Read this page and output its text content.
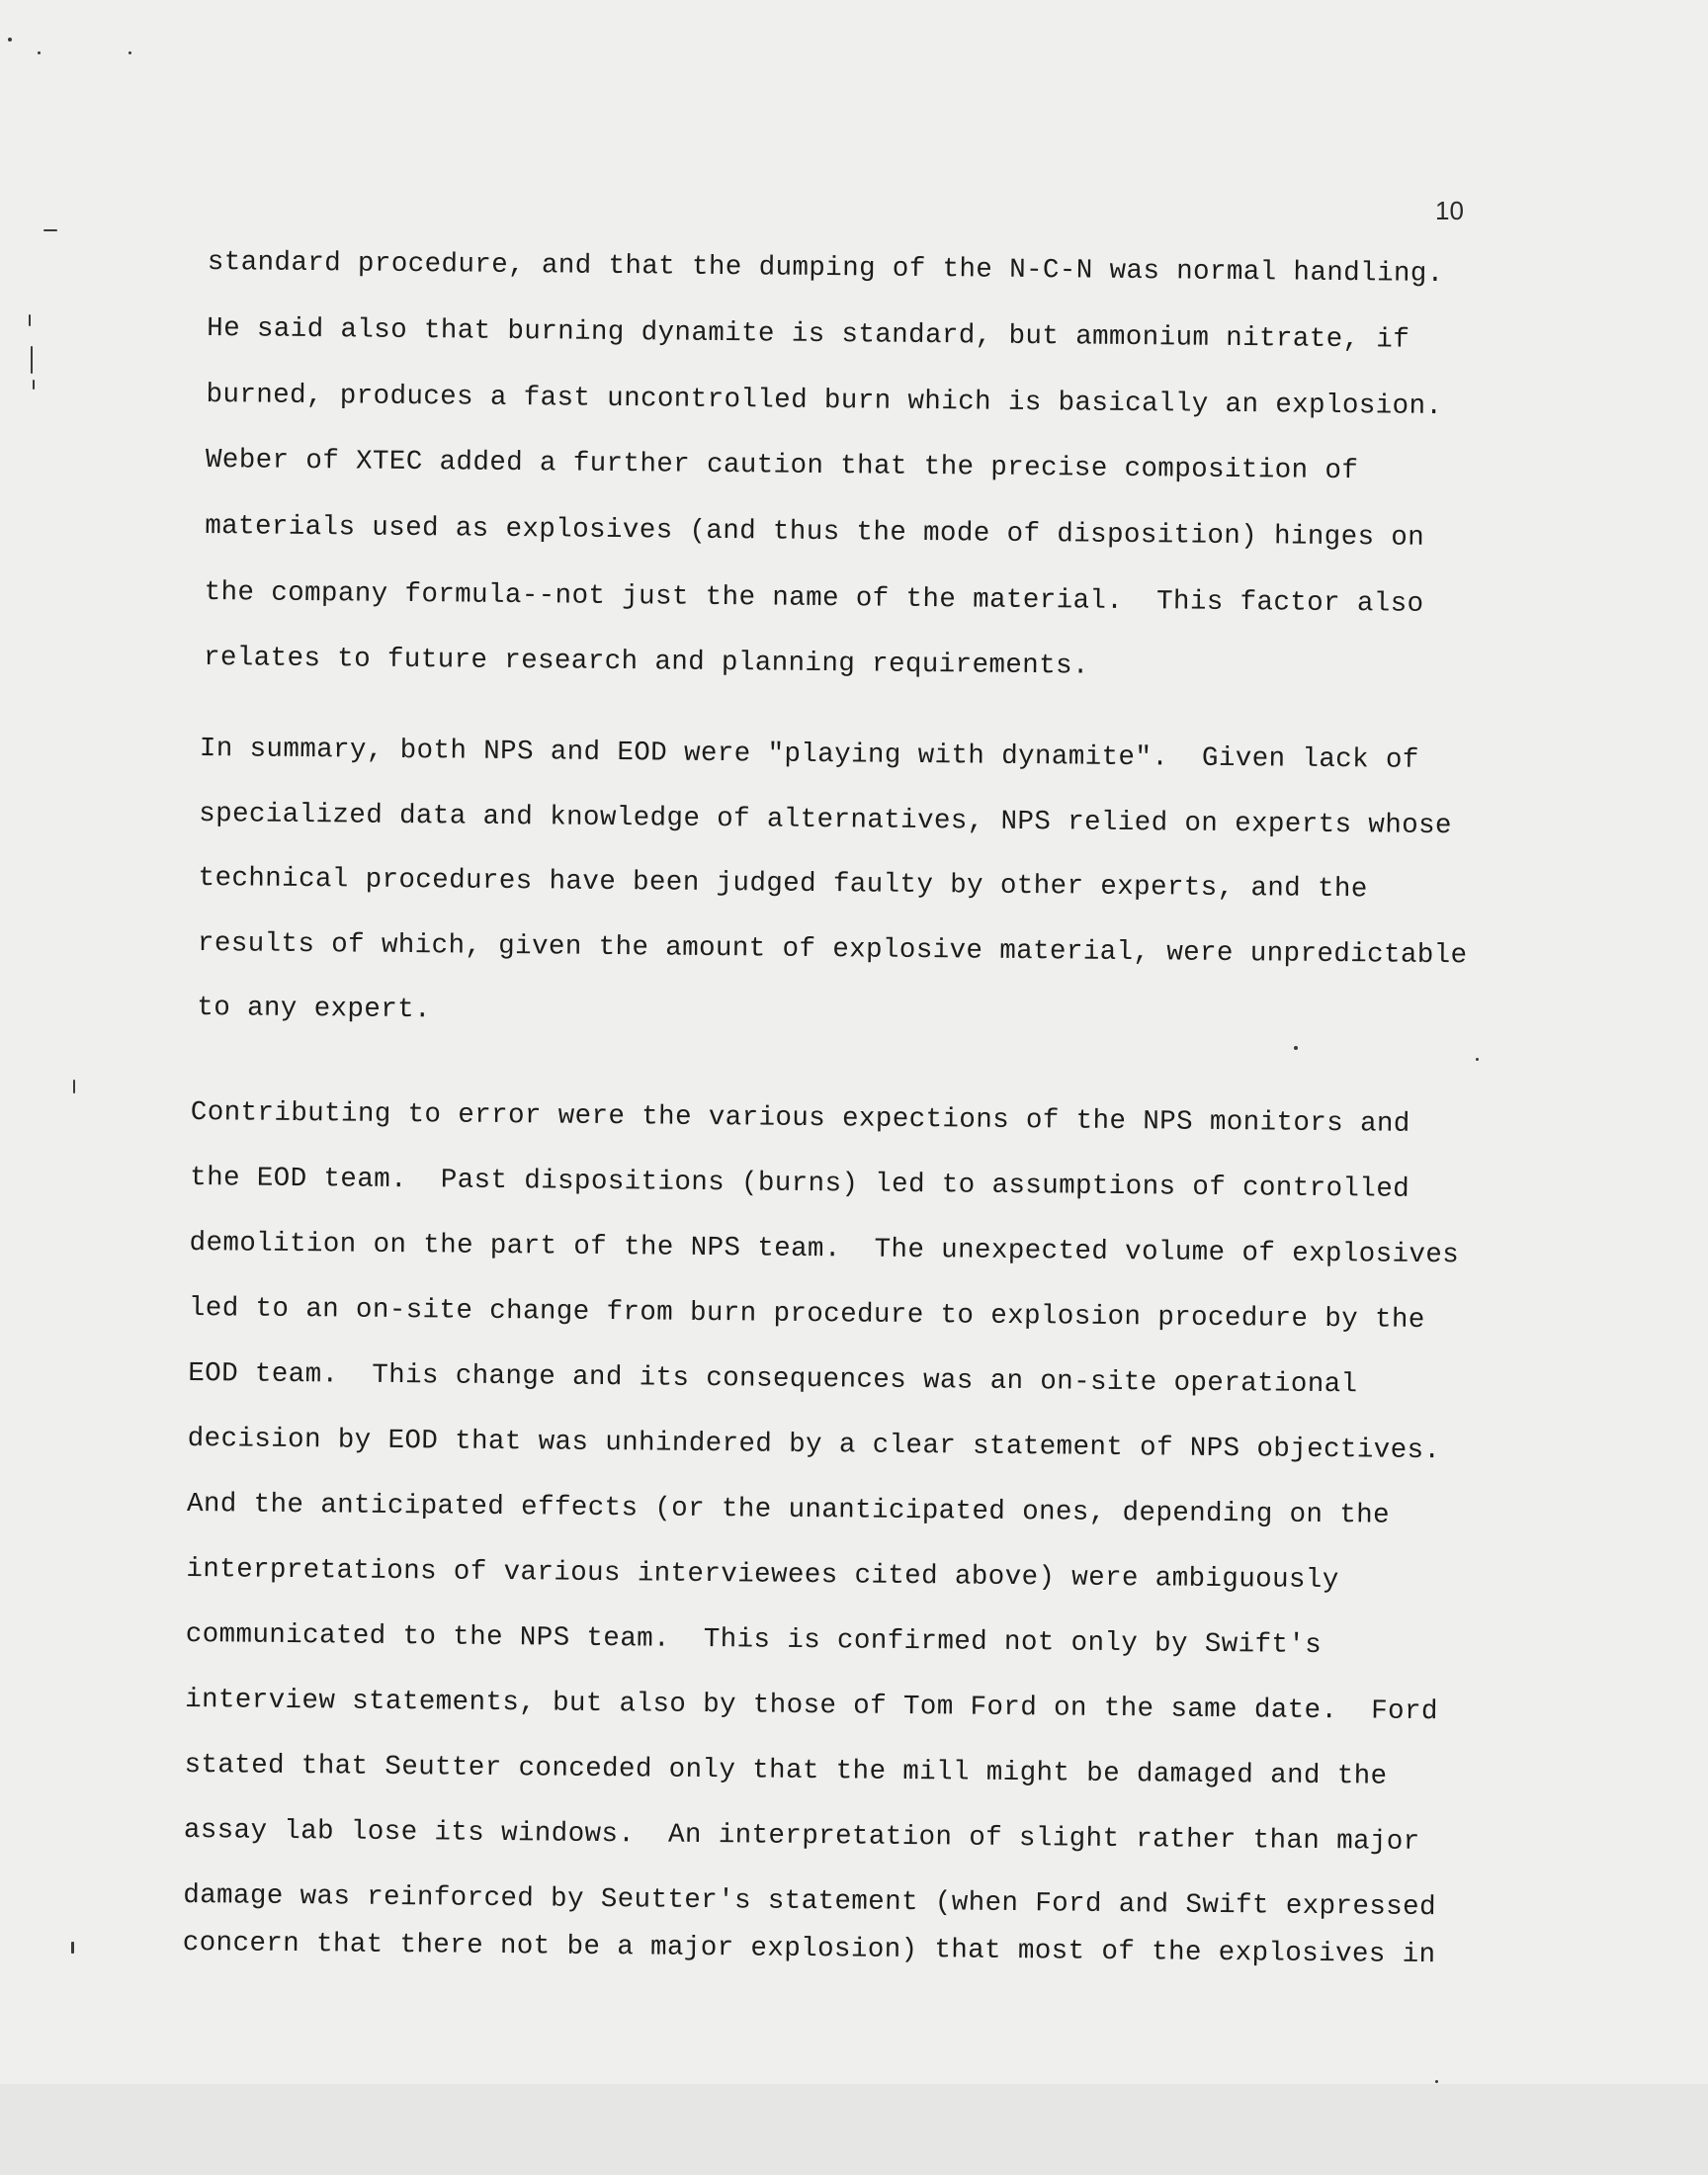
10
standard procedure, and that the dumping of the N-C-N was normal handling.
He said also that burning dynamite is standard, but ammonium nitrate, if
burned, produces a fast uncontrolled burn which is basically an explosion.
Weber of XTEC added a further caution that the precise composition of
materials used as explosives (and thus the mode of disposition) hinges on
the company formula--not just the name of the material.  This factor also
relates to future research and planning requirements.
In summary, both NPS and EOD were "playing with dynamite".  Given lack of
specialized data and knowledge of alternatives, NPS relied on experts whose
technical procedures have been judged faulty by other experts, and the
results of which, given the amount of explosive material, were unpredictable
to any expert.
Contributing to error were the various expections of the NPS monitors and
the EOD team.  Past dispositions (burns) led to assumptions of controlled
demolition on the part of the NPS team.  The unexpected volume of explosives
led to an on-site change from burn procedure to explosion procedure by the
EOD team.  This change and its consequences was an on-site operational
decision by EOD that was unhindered by a clear statement of NPS objectives.
And the anticipated effects (or the unanticipated ones, depending on the
interpretations of various interviewees cited above) were ambiguously
communicated to the NPS team.  This is confirmed not only by Swift's
interview statements, but also by those of Tom Ford on the same date.  Ford
stated that Seutter conceded only that the mill might be damaged and the
assay lab lose its windows.  An interpretation of slight rather than major
damage was reinforced by Seutter's statement (when Ford and Swift expressed
concern that there not be a major explosion) that most of the explosives in
